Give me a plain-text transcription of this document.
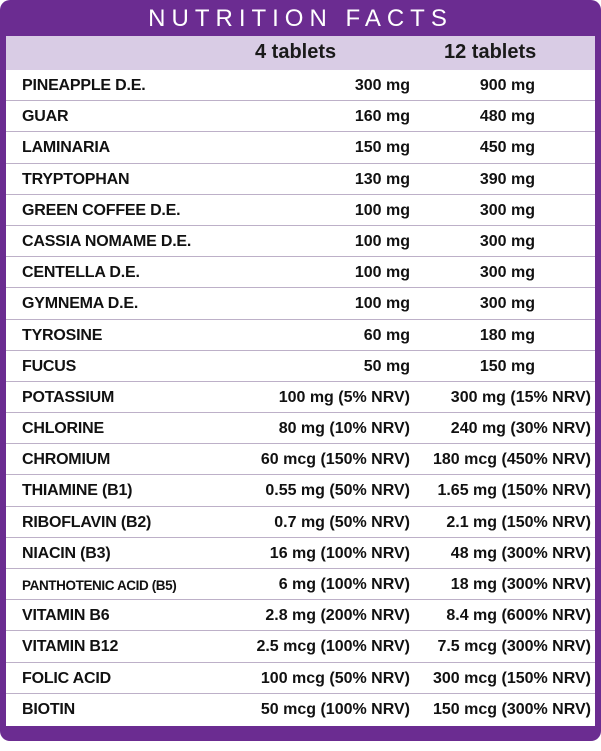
NUTRITION FACTS
4 tablets	12 tablets
PINEAPPLE D.E.	300 mg	900 mg
GUAR	160 mg	480 mg
LAMINARIA	150 mg	450 mg
TRYPTOPHAN	130 mg	390 mg
GREEN COFFEE D.E.	100 mg	300 mg
CASSIA NOMAME D.E.	100 mg	300 mg
CENTELLA D.E.	100 mg	300 mg
GYMNEMA D.E.	100 mg	300 mg
TYROSINE	60 mg	180 mg
FUCUS	50 mg	150 mg
POTASSIUM	100 mg (5% NRV)	300 mg (15% NRV)
CHLORINE	80 mg (10% NRV)	240 mg (30% NRV)
CHROMIUM	60 mcg (150% NRV) 180 mcg (450% NRV)
THIAMINE (B1)	0.55 mg (50% NRV) 1.65 mg (150% NRV)
RIBOFLAVIN (B2)	0.7 mg (50% NRV) 2.1 mg (150% NRV)
NIACIN (B3)	16 mg (100% NRV)	48 mg (300% NRV)
PANTHOTENIC ACID (B5)	6 mg (100% NRV)	18 mg (300% NRV)
VITAMIN B6	2.8 mg (200% NRV) 8.4 mg (600% NRV)
VITAMIN B12	2.5 mcg (100% NRV) 7.5 mcg (300% NRV)
FOLIC ACID	100 mcg (50% NRV) 300 mcg (150% NRV)
BIOTIN	50 mcg (100% NRV) 150 mcg (300% NRV)
